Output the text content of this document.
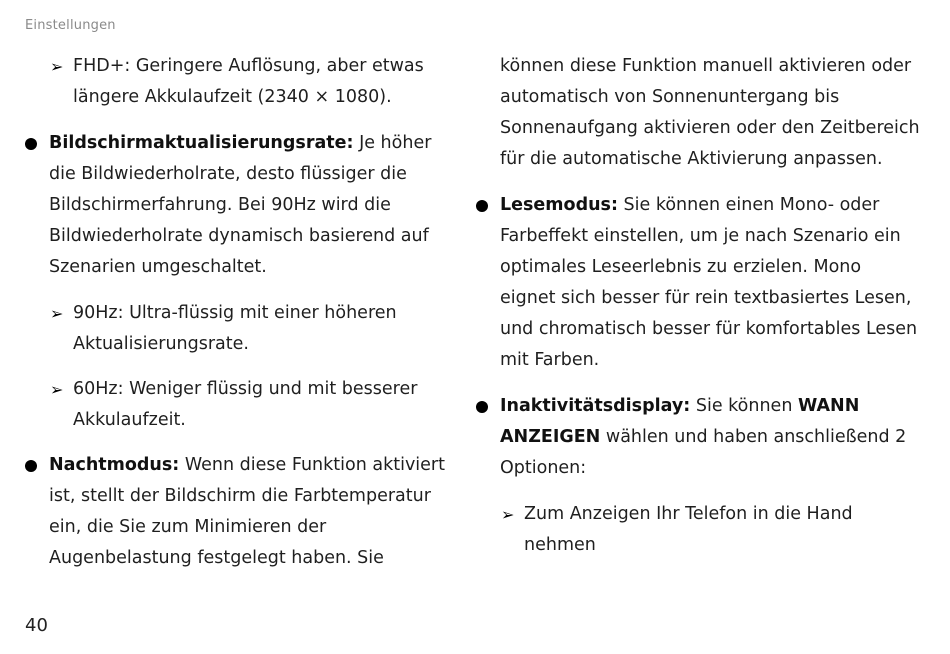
Einstellungen

➢ FHD+: Geringere Auflösung, aber etwas längere Akkulaufzeit (2340 × 1080).

Bildschirmaktualisierungsrate: Je höher die Bildwiederholrate, desto flüssiger die Bildschirmerfahrung. Bei 90Hz wird die Bildwiederholrate dynamisch basierend auf Szenarien umgeschaltet.

➢ 90Hz: Ultra-flüssig mit einer höheren Aktualisierungsrate.

➢ 60Hz: Weniger flüssig und mit besserer Akkulaufzeit.

Nachtmodus: Wenn diese Funktion aktiviert ist, stellt der Bildschirm die Farbtemperatur ein, die Sie zum Minimieren der Augenbelastung festgelegt haben. Sie

können diese Funktion manuell aktivieren oder automatisch von Sonnenuntergang bis Sonnenaufgang aktivieren oder den Zeitbereich für die automatische Aktivierung anpassen.

Lesemodus: Sie können einen Mono- oder Farbeffekt einstellen, um je nach Szenario ein optimales Leseerlebnis zu erzielen. Mono eignet sich besser für rein textbasiertes Lesen, und chromatisch besser für komfortables Lesen mit Farben.

Inaktivitätsdisplay: Sie können WANN ANZEIGEN wählen und haben anschließend 2 Optionen:

➢ Zum Anzeigen Ihr Telefon in die Hand nehmen

40
